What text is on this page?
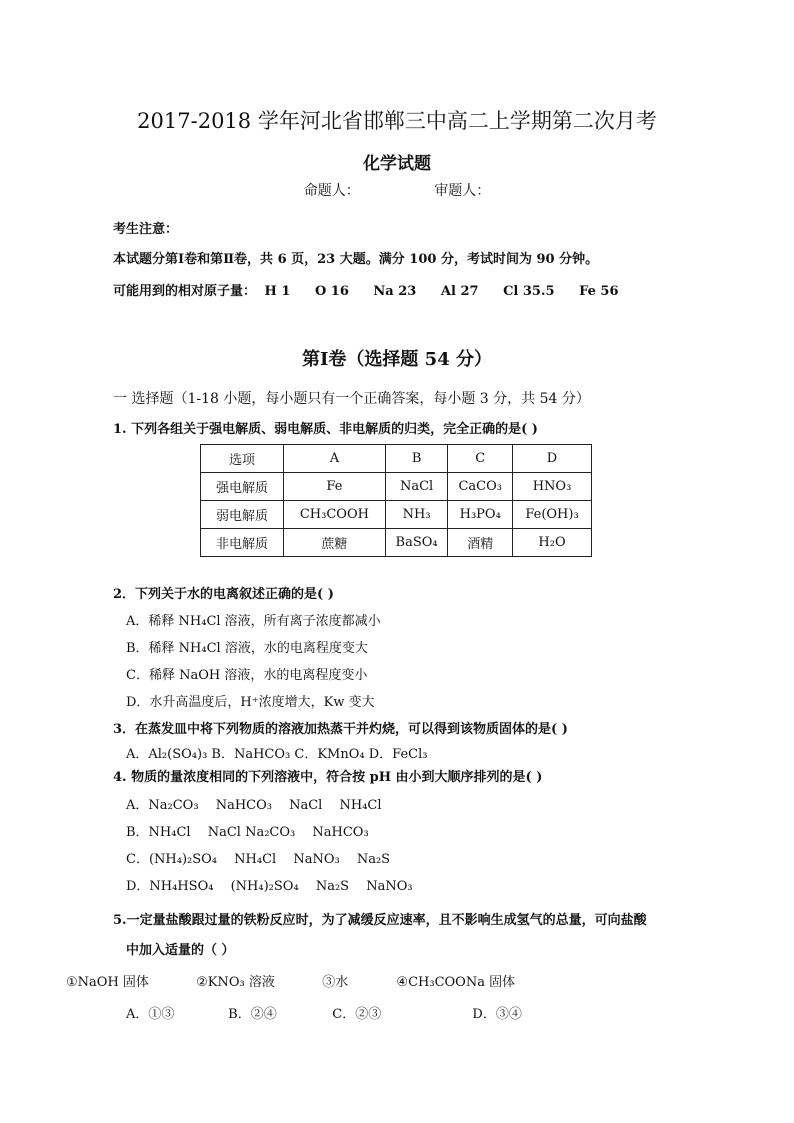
2017-2018 学年河北省邯郸三中高二上学期第二次月考
化学试题
命题人：	审题人：
考生注意：
本试题分第Ⅰ卷和第Ⅱ卷，共 6 页，23 大题。满分 100 分，考试时间为 90 分钟。
可能用到的相对原子量： H 1 O 16 Na 23 Al 27 Cl 35.5 Fe 56
第Ⅰ卷（选择题 54 分）
一 选择题（1-18 小题，每小题只有一个正确答案，每小题 3 分，共 54 分）
1. 下列各组关于强电解质、弱电解质、非电解质的归类，完全正确的是( )
选项	A	B	C	D
强电解质	Fe	NaCl	CaCO₃	HNO₃
弱电解质	CH₃COOH	NH₃	H₃PO₄	Fe(OH)₃
非电解质	蔗糖	BaSO₄	酒精	H₂O
2．下列关于水的电离叙述正确的是( )
A．稀释 NH₄Cl 溶液，所有离子浓度都减小
B．稀释 NH₄Cl 溶液，水的电离程度变大
C．稀释 NaOH 溶液，水的电离程度变小
D．水升高温度后，H⁺浓度增大，Kw 变大
3．在蒸发皿中将下列物质的溶液加热蒸干并灼烧，可以得到该物质固体的是( )
A．Al₂(SO₄)₃ B．NaHCO₃ C．KMnO₄ D．FeCl₃
4. 物质的量浓度相同的下列溶液中，符合按 pH 由小到大顺序排列的是( )
A．Na₂CO₃ NaHCO₃ NaCl NH₄Cl
B．NH₄Cl NaCl Na₂CO₃ NaHCO₃
C．(NH₄)₂SO₄ NH₄Cl NaNO₃ Na₂S
D．NH₄HSO₄ (NH₄)₂SO₄ Na₂S NaNO₃
5.一定量盐酸跟过量的铁粉反应时，为了减缓反应速率，且不影响生成氢气的总量，可向盐酸
中加入适量的（ ）
①NaOH 固体	②KNO₃ 溶液	③水	④CH₃COONa 固体
A．①③	B．②④	C．②③	D．③④
